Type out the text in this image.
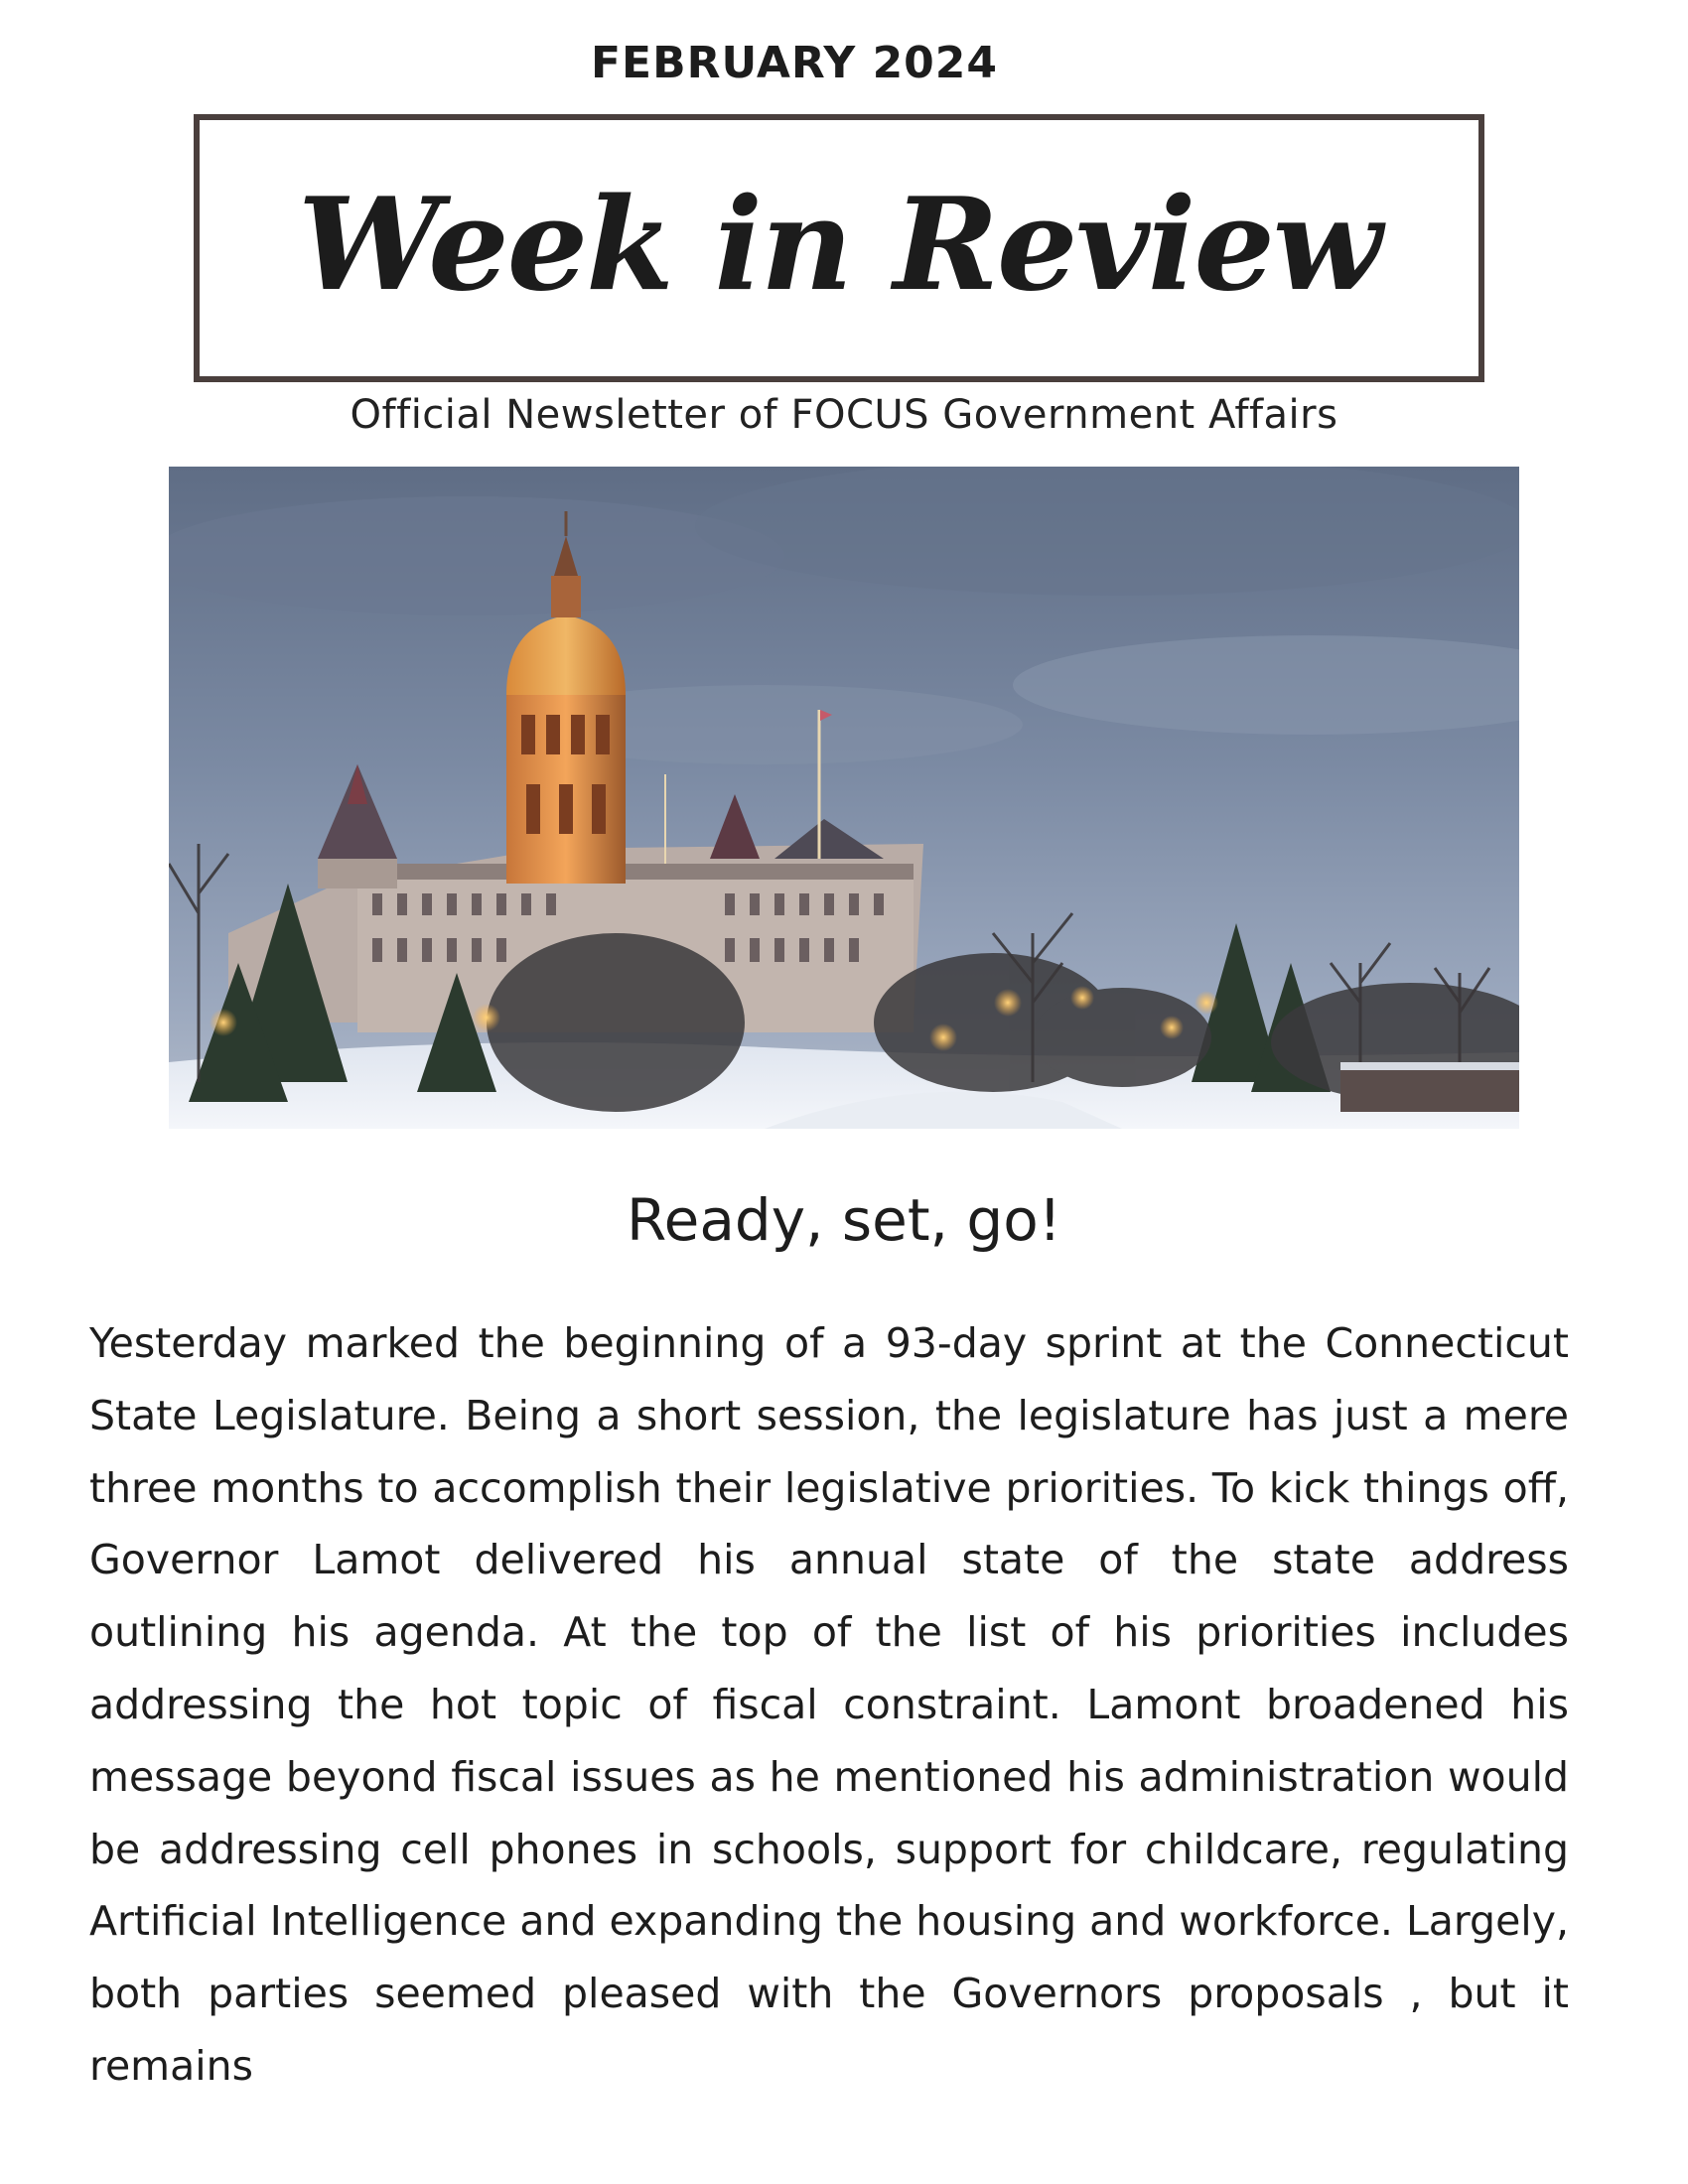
FEBRUARY 2024
Week in Review
Official Newsletter of FOCUS Government Affairs
Ready, set, go!

Yesterday marked the beginning of a 93-day sprint at the Connecticut State Legislature. Being a short session, the legislature has just a mere three months to accomplish their legislative priorities. To kick things off, Governor Lamot delivered his annual state of the state address outlining his agenda. At the top of the list of his priorities includes addressing the hot topic of fiscal constraint. Lamont broadened his message beyond fiscal issues as he mentioned his administration would be addressing cell phones in schools, support for childcare, regulating Artificial Intelligence and expanding the housing and workforce. Largely, both parties seemed pleased with the Governors proposals , but it remains
